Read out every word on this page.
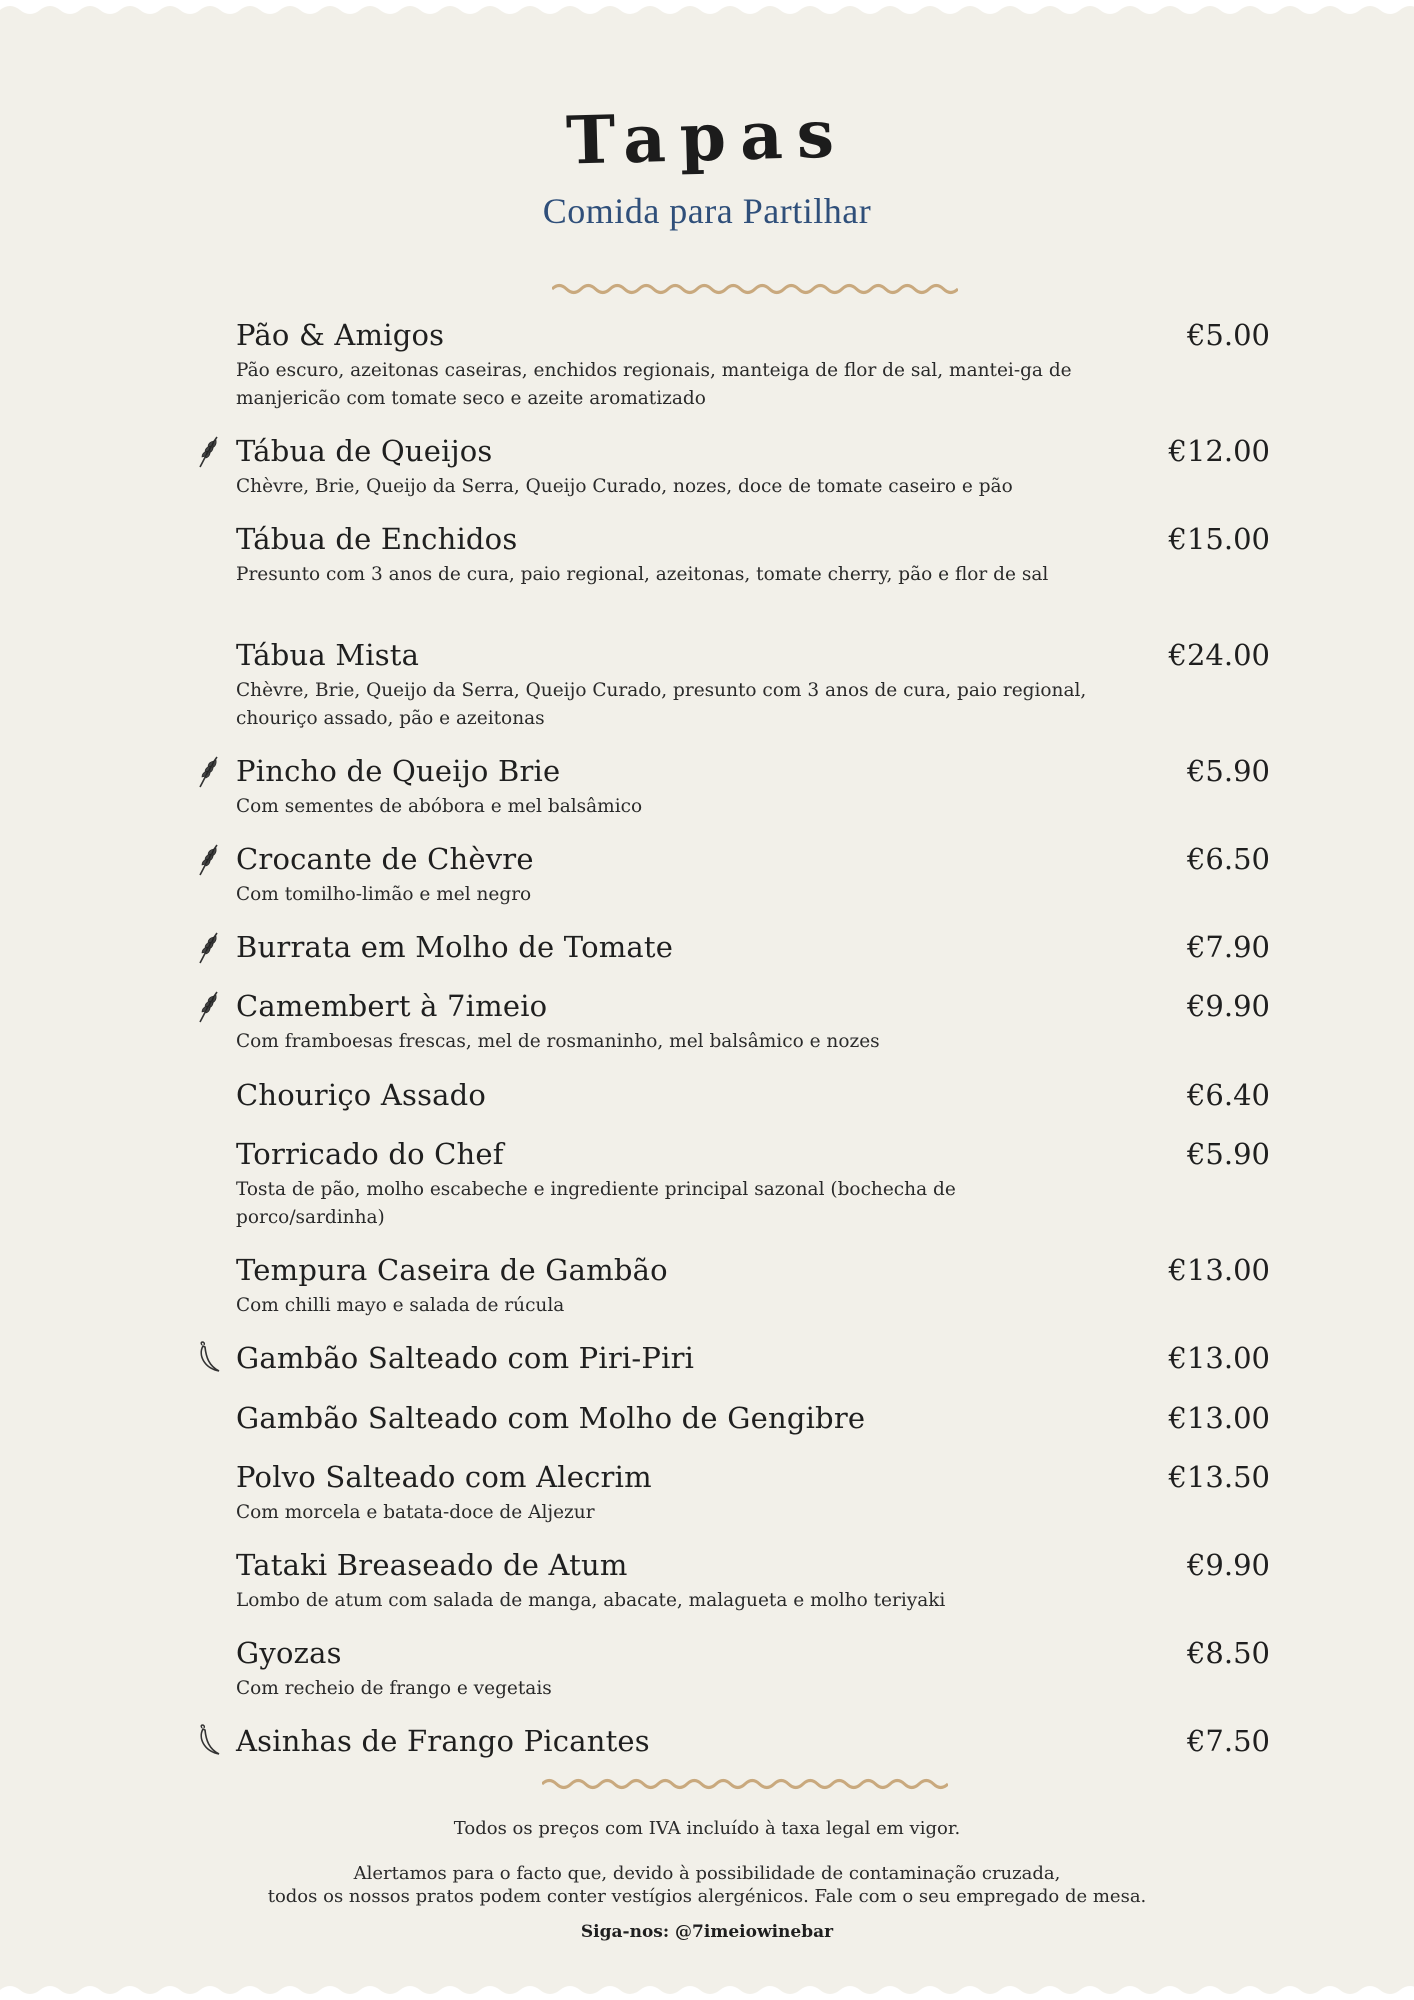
Tapas
Comida para Partilhar
Pão & Amigos	€5.00
Pão escuro, azeitonas caseiras, enchidos regionais, manteiga de flor de sal, mantei-ga de manjericão com tomate seco e azeite aromatizado
Tábua de Queijos	€12.00
Chèvre, Brie, Queijo da Serra, Queijo Curado, nozes, doce de tomate caseiro e pão
Tábua de Enchidos	€15.00
Presunto com 3 anos de cura, paio regional, azeitonas, tomate cherry, pão e flor de sal
Tábua Mista	€24.00
Chèvre, Brie, Queijo da Serra, Queijo Curado, presunto com 3 anos de cura, paio regional, chouriço assado, pão e azeitonas
Pincho de Queijo Brie	€5.90
Com sementes de abóbora e mel balsâmico
Crocante de Chèvre	€6.50
Com tomilho-limão e mel negro
Burrata em Molho de Tomate	€7.90
Camembert à 7imeio	€9.90
Com framboesas frescas, mel de rosmaninho, mel balsâmico e nozes
Chouriço Assado	€6.40
Torricado do Chef	€5.90
Tosta de pão, molho escabeche e ingrediente principal sazonal (bochecha de porco/sardinha)
Tempura Caseira de Gambão	€13.00
Com chilli mayo e salada de rúcula
Gambão Salteado com Piri-Piri	€13.00
Gambão Salteado com Molho de Gengibre	€13.00
Polvo Salteado com Alecrim	€13.50
Com morcela e batata-doce de Aljezur
Tataki Breaseado de Atum	€9.90
Lombo de atum com salada de manga, abacate, malagueta e molho teriyaki
Gyozas	€8.50
Com recheio de frango e vegetais
Asinhas de Frango Picantes	€7.50
Todos os preços com IVA incluído à taxa legal em vigor.
Alertamos para o facto que, devido à possibilidade de contaminação cruzada,
todos os nossos pratos podem conter vestígios alergénicos. Fale com o seu empregado de mesa.
Siga-nos: @7imeiowinebar
